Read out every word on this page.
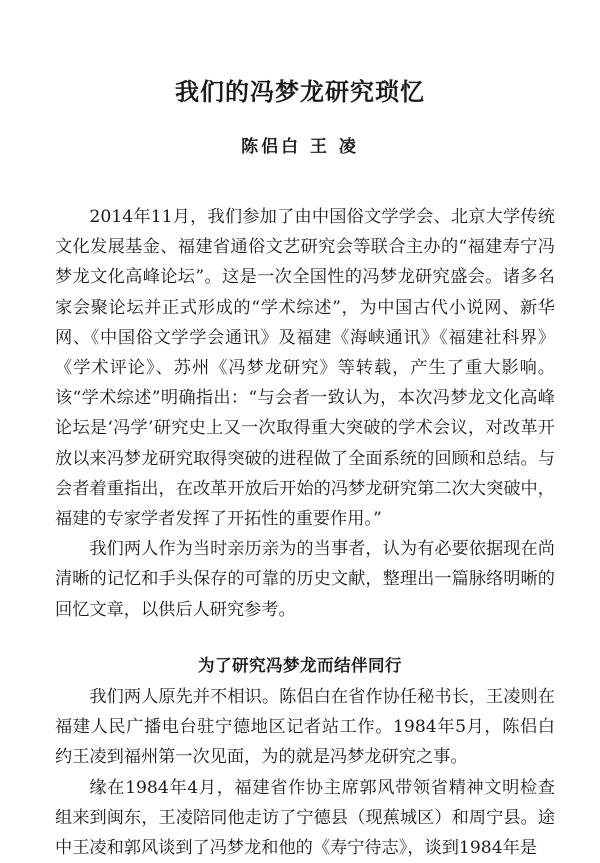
我们的冯梦龙研究琐忆
陈侣白 王 凌

2014年11月，我们参加了由中国俗文学学会、北京大学传统文化发展基金、福建省通俗文艺研究会等联合主办的“福建寿宁冯梦龙文化高峰论坛”。这是一次全国性的冯梦龙研究盛会。诸多名家会聚论坛并正式形成的“学术综述”，为中国古代小说网、新华网、《中国俗文学学会通讯》及福建《海峡通讯》《福建社科界》《学术评论》、苏州《冯梦龙研究》等转载，产生了重大影响。该“学术综述”明确指出：“与会者一致认为，本次冯梦龙文化高峰论坛是‘冯学’研究史上又一次取得重大突破的学术会议，对改革开放以来冯梦龙研究取得突破的进程做了全面系统的回顾和总结。与会者着重指出，在改革开放后开始的冯梦龙研究第二次大突破中，福建的专家学者发挥了开拓性的重要作用。”

我们两人作为当时亲历亲为的当事者，认为有必要依据现在尚清晰的记忆和手头保存的可靠的历史文献，整理出一篇脉络明晰的回忆文章，以供后人研究参考。

为了研究冯梦龙而结伴同行

我们两人原先并不相识。陈侣白在省作协任秘书长，王凌则在福建人民广播电台驻宁德地区记者站工作。1984年5月，陈侣白约王凌到福州第一次见面，为的就是冯梦龙研究之事。

缘在1984年4月，福建省作协主席郭风带领省精神文明检查组来到闽东，王凌陪同他走访了宁德县（现蕉城区）和周宁县。途中王凌和郭风谈到了冯梦龙和他的《寿宁待志》，谈到1984年是
